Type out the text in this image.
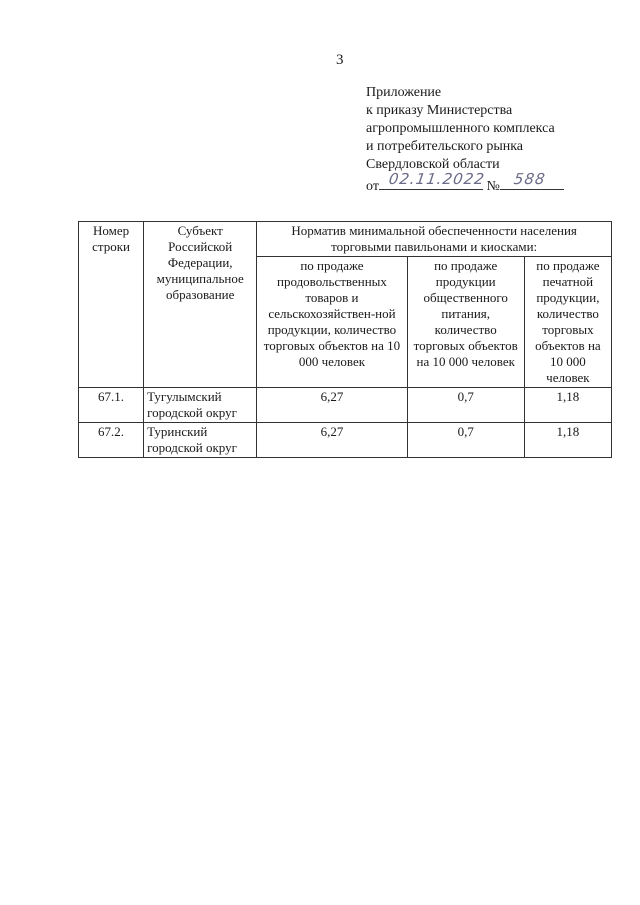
3
Приложение
к приказу Министерства
агропромышленного комплекса
и потребительского рынка
Свердловской области
от 02.11.2022 № 588
Номер строки	Субъект Российской Федерации, муниципальное образование	Норматив минимальной обеспеченности населения торговыми павильонами и киосками:		
		по продаже продовольственных товаров и сельскохозяйствен-ной продукции, количество торговых объектов на 10 000 человек	по продаже продукции общественного питания, количество торговых объектов на 10 000 человек	по продаже печатной продукции, количество торговых объектов на 10 000 человек
67.1.	Тугулымский городской округ	6,27	0,7	1,18
67.2.	Туринский городской округ	6,27	0,7	1,18
